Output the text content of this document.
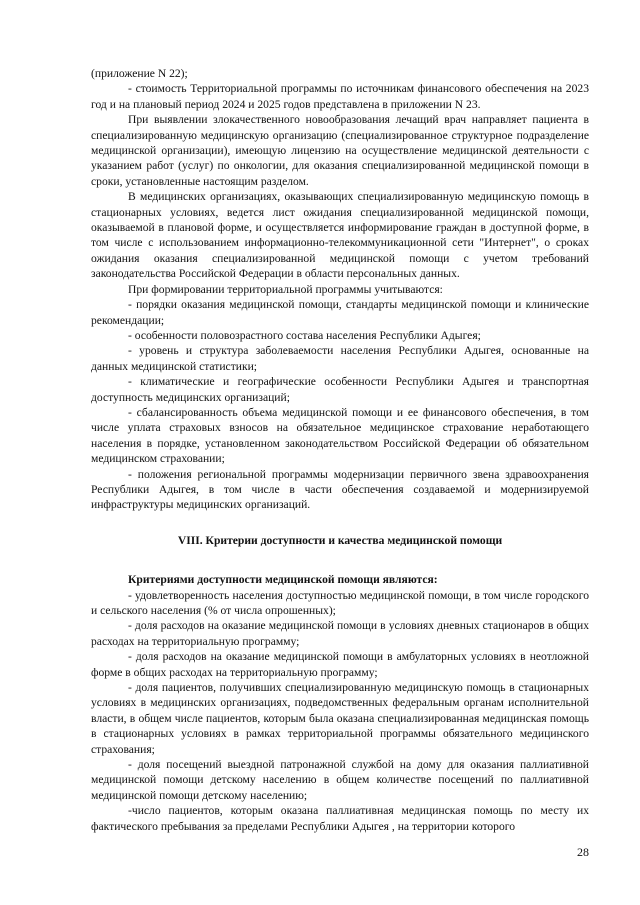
(приложение N 22);

- стоимость Территориальной программы по источникам финансового обеспечения на 2023 год и на плановый период 2024 и 2025 годов представлена в приложении N 23.

При выявлении злокачественного новообразования лечащий врач направляет пациента в специализированную медицинскую организацию (специализированное структурное подразделение медицинской организации), имеющую лицензию на осуществление медицинской деятельности с указанием работ (услуг) по онкологии, для оказания специализированной медицинской помощи в сроки, установленные настоящим разделом.

В медицинских организациях, оказывающих специализированную медицинскую помощь в стационарных условиях, ведется лист ожидания специализированной медицинской помощи, оказываемой в плановой форме, и осуществляется информирование граждан в доступной форме, в том числе с использованием информационно-телекоммуникационной сети "Интернет", о сроках ожидания оказания специализированной медицинской помощи с учетом требований законодательства Российской Федерации в области персональных данных.

При формировании территориальной программы учитываются:

- порядки оказания медицинской помощи, стандарты медицинской помощи и клинические рекомендации;

- особенности половозрастного состава населения Республики Адыгея;

- уровень и структура заболеваемости населения Республики Адыгея, основанные на данных медицинской статистики;

- климатические и географические особенности Республики Адыгея и транспортная доступность медицинских организаций;

- сбалансированность объема медицинской помощи и ее финансового обеспечения, в том числе уплата страховых взносов на обязательное медицинское страхование неработающего населения в порядке, установленном законодательством Российской Федерации об обязательном медицинском страховании;

- положения региональной программы модернизации первичного звена здравоохранения Республики Адыгея, в том числе в части обеспечения создаваемой и модернизируемой инфраструктуры медицинских организаций.

VIII. Критерии доступности и качества медицинской помощи

Критериями доступности медицинской помощи являются:

- удовлетворенность населения доступностью медицинской помощи, в том числе городского и сельского населения (% от числа опрошенных);

- доля расходов на оказание медицинской помощи в условиях дневных стационаров в общих расходах на территориальную программу;

- доля расходов на оказание медицинской помощи в амбулаторных условиях в неотложной форме в общих расходах на территориальную программу;

- доля пациентов, получивших специализированную медицинскую помощь в стационарных условиях в медицинских организациях, подведомственных федеральным органам исполнительной власти, в общем числе пациентов, которым была оказана специализированная медицинская помощь в стационарных условиях в рамках территориальной программы обязательного медицинского страхования;

- доля посещений выездной патронажной службой на дому для оказания паллиативной медицинской помощи детскому населению в общем количестве посещений по паллиативной медицинской помощи детскому населению;

-число пациентов, которым оказана паллиативная медицинская помощь по месту их фактического пребывания за пределами Республики Адыгея , на территории которого

28
